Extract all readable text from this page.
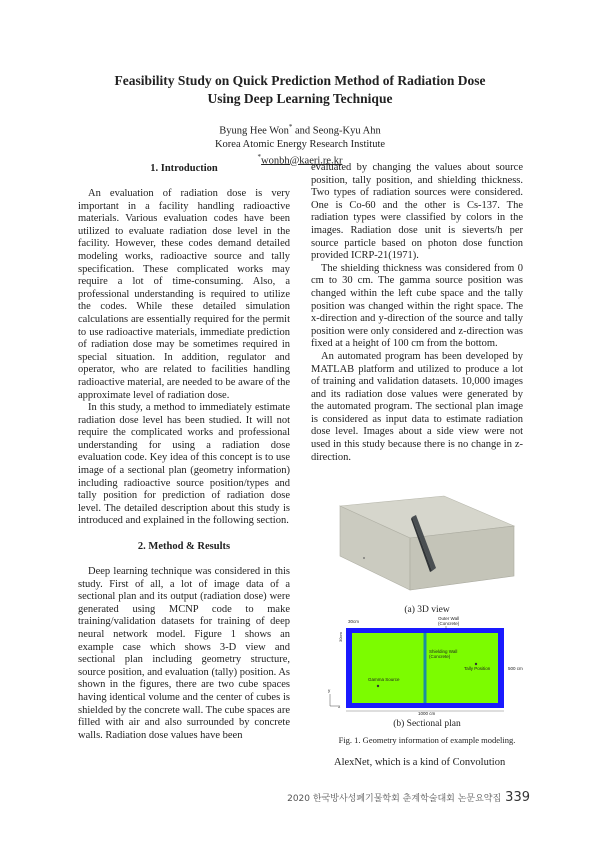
Feasibility Study on Quick Prediction Method of Radiation Dose
Using Deep Learning Technique
Byung Hee Won* and Seong-Kyu Ahn
Korea Atomic Energy Research Institute
*wonbh@kaeri.re.kr
1. Introduction

An evaluation of radiation dose is very important in a facility handling radioactive materials. Various evaluation codes have been utilized to evaluate radiation dose level in the facility. However, these codes demand detailed modeling works, radioactive source and tally specification. These complicated works may require a lot of time-consuming. Also, a professional understanding is required to utilize the codes. While these detailed simulation calculations are essentially required for the permit to use radioactive materials, immediate prediction of radiation dose may be sometimes required in special situation. In addition, regulator and operator, who are related to facilities handling radioactive material, are needed to be aware of the approximate level of radiation dose.

In this study, a method to immediately estimate radiation dose level has been studied. It will not require the complicated works and professional understanding for using a radiation dose evaluation code. Key idea of this concept is to use image of a sectional plan (geometry information) including radioactive source position/types and tally position for prediction of radiation dose level. The detailed description about this study is introduced and explained in the following section.

2. Method & Results

Deep learning technique was considered in this study. First of all, a lot of image data of a sectional plan and its output (radiation dose) were generated using MCNP code to make training/validation datasets for training of deep neural network model. Figure 1 shows an example case which shows 3-D view and sectional plan including geometry structure, source position, and evaluation (tally) position. As shown in the figures, there are two cube spaces having identical volume and the center of cubes is shielded by the concrete wall. The cube spaces are filled with air and also surrounded by concrete walls. Radiation dose values have been

evaluated by changing the values about source position, tally position, and shielding thickness. Two types of radiation sources were considered. One is Co-60 and the other is Cs-137. The radiation types were classified by colors in the images. Radiation dose unit is sieverts/h per source particle based on photon dose function provided ICRP-21(1971).

The shielding thickness was considered from 0 cm to 30 cm. The gamma source position was changed within the left cube space and the tally position was changed within the right space. The x-direction and y-direction of the source and tally position were only considered and z-direction was fixed at a height of 100 cm from the bottom.

An automated program has been developed by MATLAB platform and utilized to produce a lot of training and validation datasets. 10,000 images and its radiation dose values were generated by the automated program. The sectional plan image is considered as input data to estimate radiation dose level. Images about a side view were not used in this study because there is no change in z-direction.

(a) 3D view
30cm
Outer Wall
(Concrete)
Shielding Wall
(Concrete)
Tally Position
Gamma Source
500 cm
1000 cm
30cm
y
x
(b) Sectional plan
Fig. 1. Geometry information of example modeling.
AlexNet, which is a kind of Convolution
2020 한국방사성폐기물학회 춘계학술대회 논문요약집 339
